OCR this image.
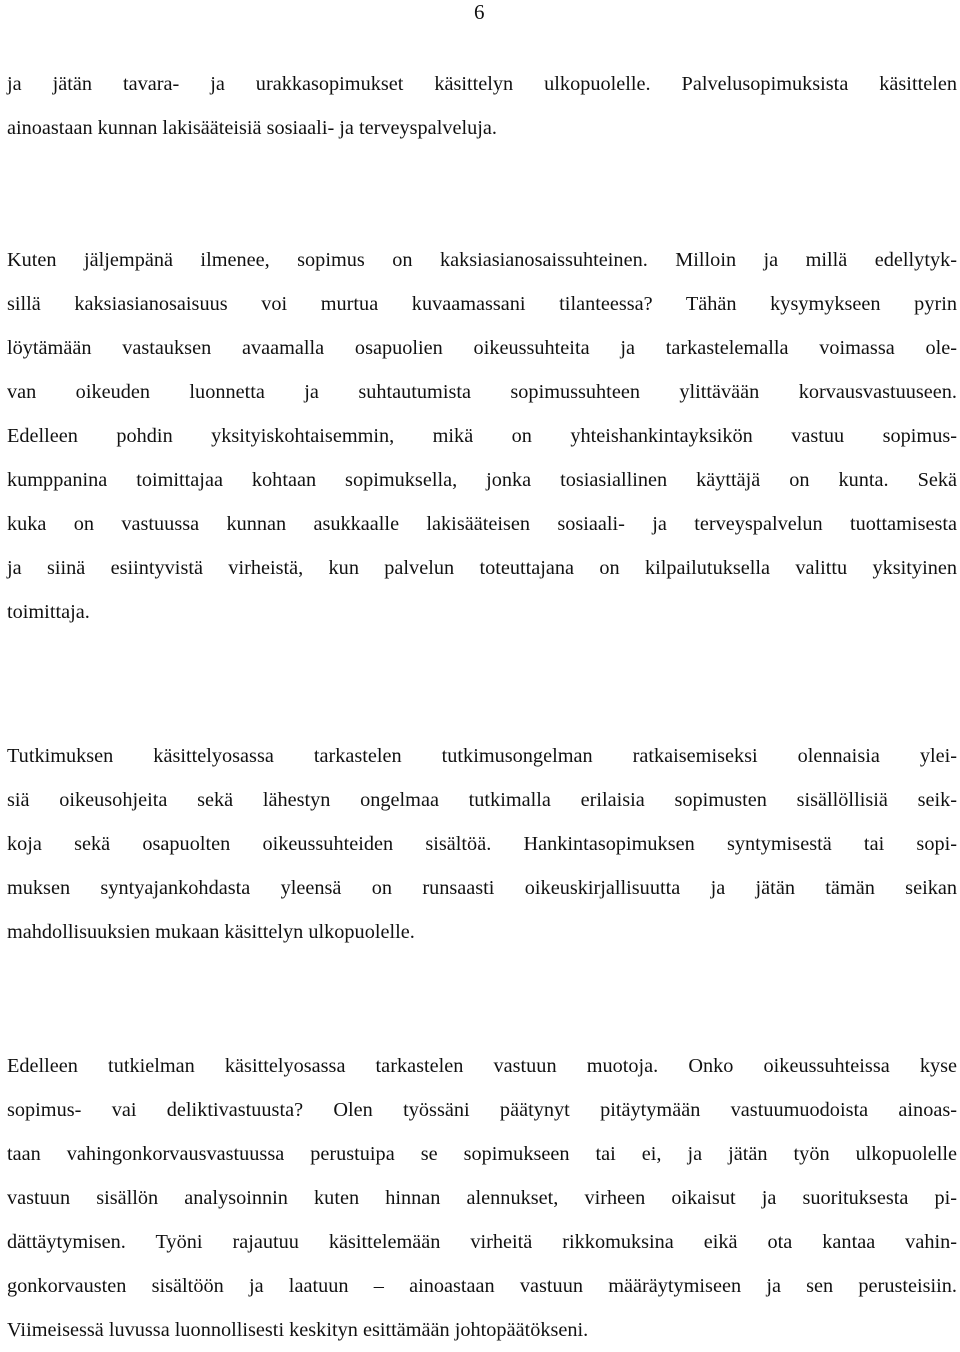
6
ja jätän tavara- ja urakkasopimukset käsittelyn ulkopuolelle. Palvelusopimuksista käsittelen
ainoastaan kunnan lakisääteisiä sosiaali- ja terveyspalveluja.
Kuten jäljempänä ilmenee, sopimus on kaksiasianosaissuhteinen. Milloin ja millä edellytyk-
sillä kaksiasianosaisuus voi murtua kuvaamassani tilanteessa? Tähän kysymykseen pyrin
löytämään vastauksen avaamalla osapuolien oikeussuhteita ja tarkastelemalla voimassa ole-
van oikeuden luonnetta ja suhtautumista sopimussuhteen ylittävään korvausvastuuseen.
Edelleen pohdin yksityiskohtaisemmin, mikä on yhteishankintayksikön vastuu sopimus-
kumppanina toimittajaa kohtaan sopimuksella, jonka tosiasiallinen käyttäjä on kunta. Sekä
kuka on vastuussa kunnan asukkaalle lakisääteisen sosiaali- ja terveyspalvelun tuottamisesta
ja siinä esiintyvistä virheistä, kun palvelun toteuttajana on kilpailutuksella valittu yksityinen
toimittaja.
Tutkimuksen käsittelyosassa tarkastelen tutkimusongelman ratkaisemiseksi olennaisia ylei-
siä oikeusohjeita sekä lähestyn ongelmaa tutkimalla erilaisia sopimusten sisällöllisiä seik-
koja sekä osapuolten oikeussuhteiden sisältöä. Hankintasopimuksen syntymisestä tai sopi-
muksen syntyajankohdasta yleensä on runsaasti oikeuskirjallisuutta ja jätän tämän seikan
mahdollisuuksien mukaan käsittelyn ulkopuolelle.
Edelleen tutkielman käsittelyosassa tarkastelen vastuun muotoja. Onko oikeussuhteissa kyse
sopimus- vai deliktivastuusta? Olen työssäni päätynyt pitäytymään vastuumuodoista ainoas-
taan vahingonkorvausvastuussa perustuipa se sopimukseen tai ei, ja jätän työn ulkopuolelle
vastuun sisällön analysoinnin kuten hinnan alennukset, virheen oikaisut ja suorituksesta pi-
dättäytymisen. Työni rajautuu käsittelemään virheitä rikkomuksina eikä ota kantaa vahin-
gonkorvausten sisältöön ja laatuun – ainoastaan vastuun määräytymiseen ja sen perusteisiin.
Viimeisessä luvussa luonnollisesti keskityn esittämään johtopäätökseni.
